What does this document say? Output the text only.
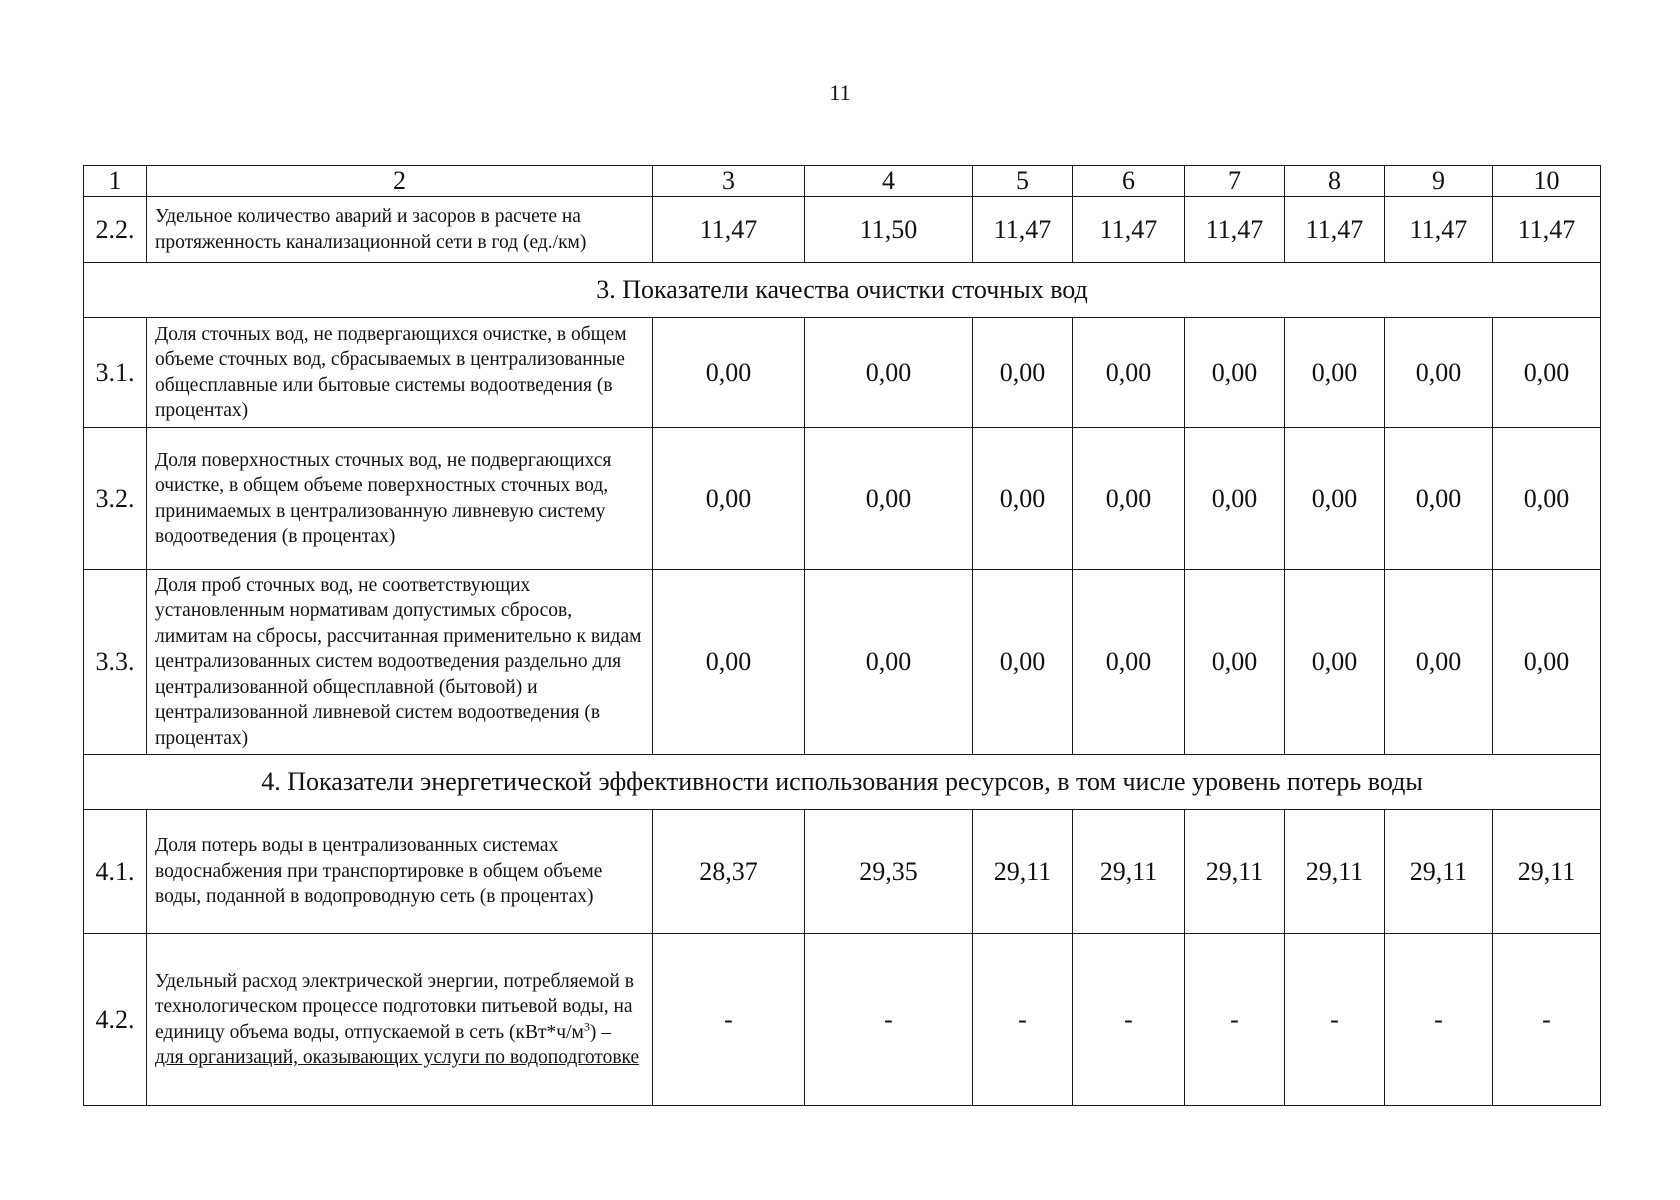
11
1	2	3	4	5	6	7	8	9	10
2.2.	Удельное количество аварий и засоров в расчете на протяженность канализационной сети в год (ед./км)	11,47	11,50	11,47	11,47	11,47	11,47	11,47	11,47
3. Показатели качества очистки сточных вод									
3.1.	Доля сточных вод, не подвергающихся очистке, в общем объеме сточных вод, сбрасываемых в централизованные общесплавные или бытовые системы водоотведения (в процентах)	0,00	0,00	0,00	0,00	0,00	0,00	0,00	0,00
3.2.	Доля поверхностных сточных вод, не подвергающихся очистке, в общем объеме поверхностных сточных вод, принимаемых в централизованную ливневую систему водоотведения (в процентах)	0,00	0,00	0,00	0,00	0,00	0,00	0,00	0,00
3.3.	Доля проб сточных вод, не соответствующих установленным нормативам допустимых сбросов, лимитам на сбросы, рассчитанная применительно к видам централизованных систем водоотведения раздельно для централизованной общесплавной (бытовой) и централизованной ливневой систем водоотведения (в процентах)	0,00	0,00	0,00	0,00	0,00	0,00	0,00	0,00
4. Показатели энергетической эффективности использования ресурсов, в том числе уровень потерь воды									
4.1.	Доля потерь воды в централизованных системах водоснабжения при транспортировке в общем объеме воды, поданной в водопроводную сеть (в процентах)	28,37	29,35	29,11	29,11	29,11	29,11	29,11	29,11
4.2.	Удельный расход электрической энергии, потребляемой в технологическом процессе подготовки питьевой воды, на единицу объема воды, отпускаемой в сеть $(кВт*ч/м^3)$ – для организаций, оказывающих услуги по водоподготовке	-	-	-	-	-	-	-	-
